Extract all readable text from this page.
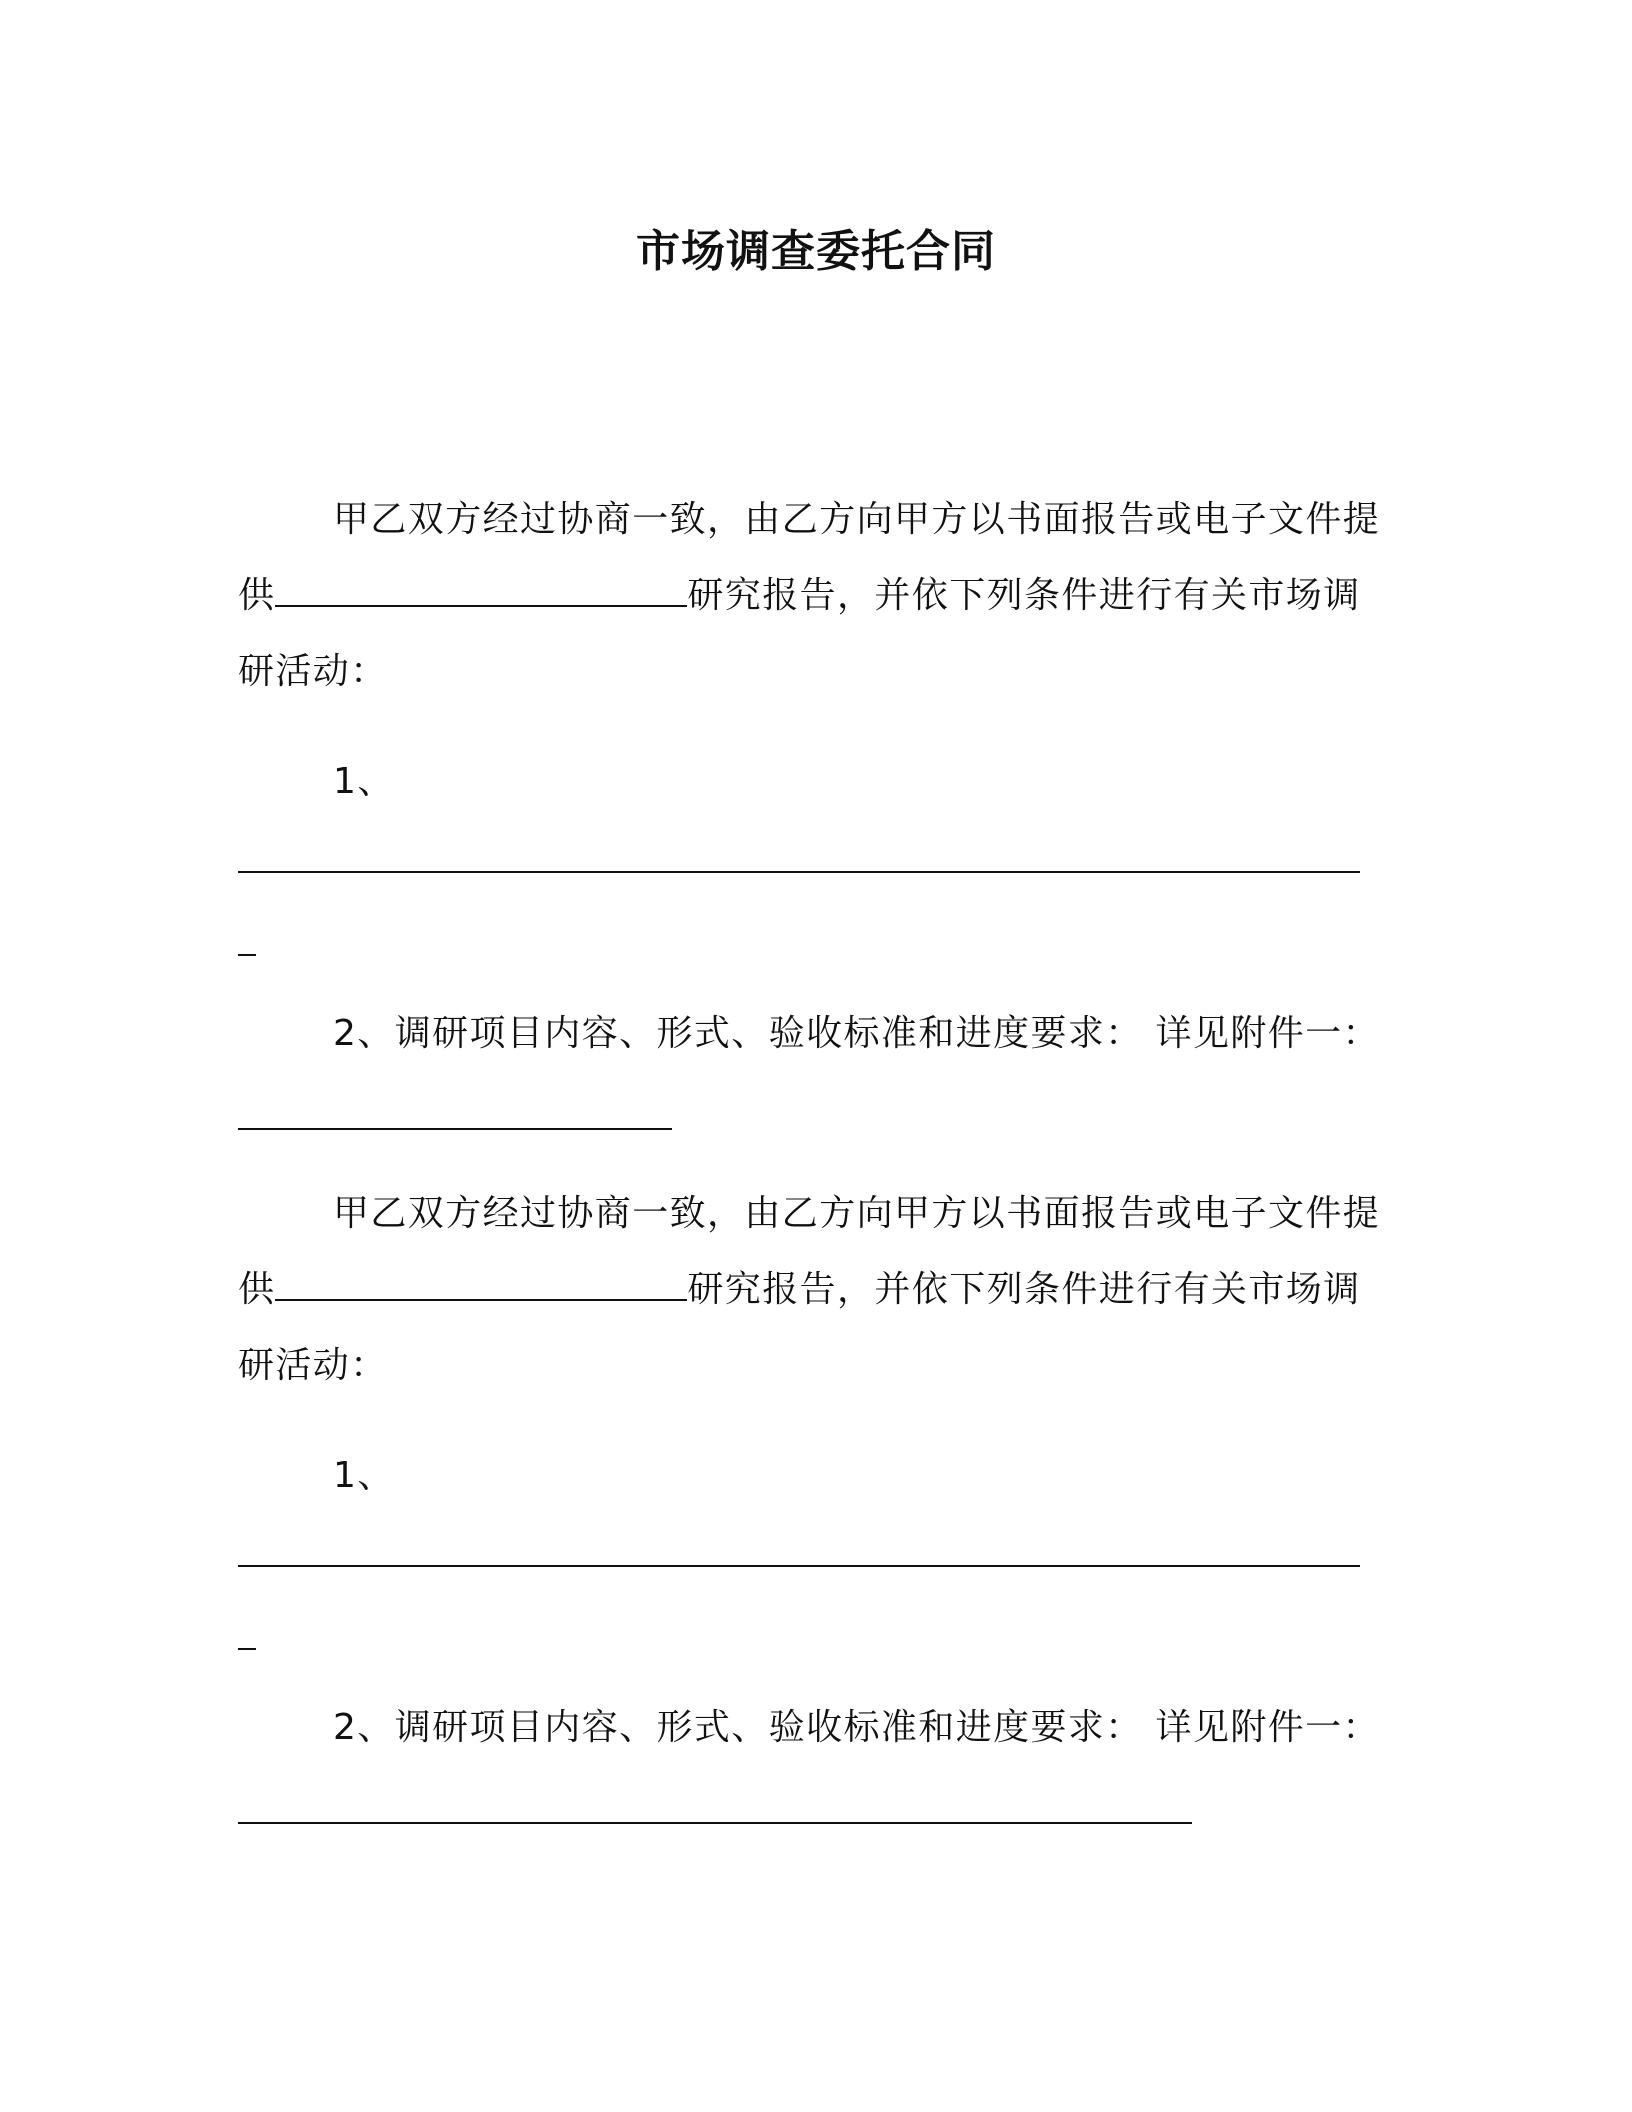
市场调查委托合同
甲乙双方经过协商一致，由乙方向甲方以书面报告或电子文件提
供	研究报告，并依下列条件进行有关市场调
研活动：
1、
2、调研项目内容、形式、验收标准和进度要求： 详见附件一：
甲乙双方经过协商一致，由乙方向甲方以书面报告或电子文件提
供	研究报告，并依下列条件进行有关市场调
研活动：
1、
2、调研项目内容、形式、验收标准和进度要求： 详见附件一：
